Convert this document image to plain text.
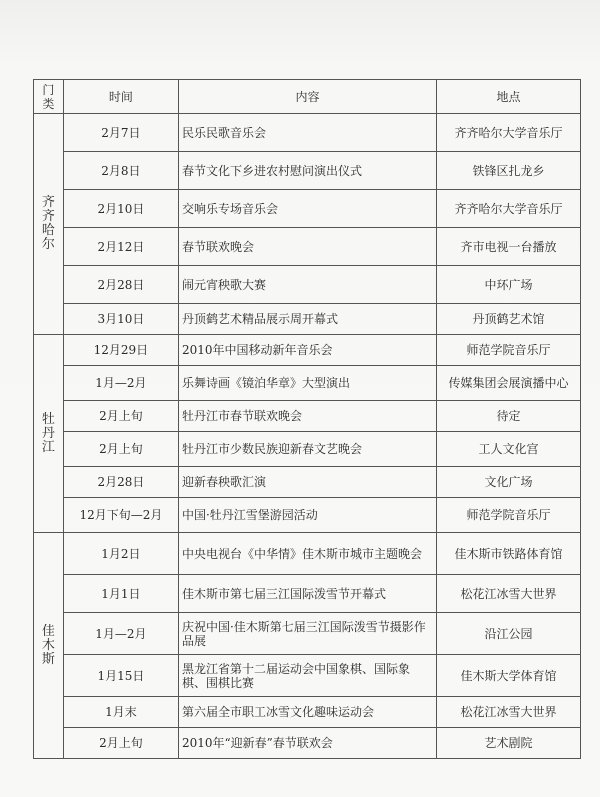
门类	时间	内容	地点

齐
齐
哈
尔	2月7日	民乐民歌音乐会	齐齐哈尔大学音乐厅
	2月8日	春节文化下乡进农村慰问演出仪式	铁锋区扎龙乡
	2月10日	交响乐专场音乐会	齐齐哈尔大学音乐厅
	2月12日	春节联欢晚会	齐市电视一台播放
	2月28日	闹元宵秧歌大赛	中环广场
	3月10日	丹顶鹤艺术精品展示周开幕式	丹顶鹤艺术馆

牡
丹
江	12月29日	2010年中国移动新年音乐会	师范学院音乐厅
	1月—2月	乐舞诗画《镜泊华章》大型演出	传媒集团会展演播中心
	2月上旬	牡丹江市春节联欢晚会	待定
	2月上旬	牡丹江市少数民族迎新春文艺晚会	工人文化宫
	2月28日	迎新春秧歌汇演	文化广场
	12月下旬—2月	中国·牡丹江雪堡游园活动	师范学院音乐厅

佳
木
斯	1月2日	中央电视台《中华情》佳木斯市城市主题晚会	佳木斯市铁路体育馆
	1月1日	佳木斯市第七届三江国际泼雪节开幕式	松花江冰雪大世界
	1月—2月	庆祝中国·佳木斯第七届三江国际泼雪节摄影作品展	沿江公园
	1月15日	黑龙江省第十二届运动会中国象棋、国际象棋、围棋比赛	佳木斯大学体育馆
	1月末	第六届全市职工冰雪文化趣味运动会	松花江冰雪大世界
	2月上旬	2010年“迎新春”春节联欢会	艺术剧院
